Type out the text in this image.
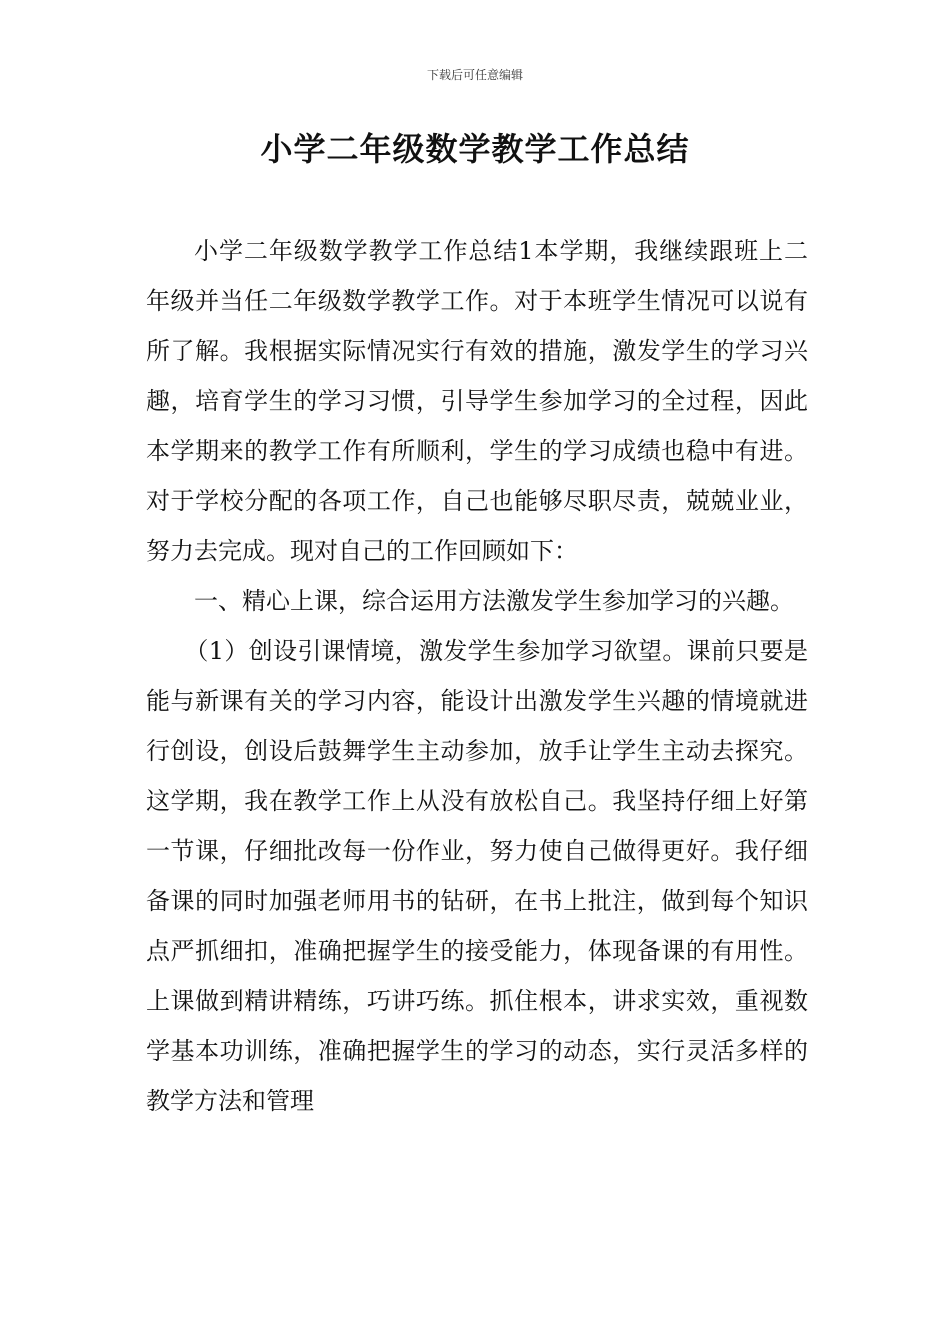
下载后可任意编辑
小学二年级数学教学工作总结

小学二年级数学教学工作总结1本学期，我继续跟班上二年级并当任二年级数学教学工作。对于本班学生情况可以说有所了解。我根据实际情况实行有效的措施，激发学生的学习兴趣，培育学生的学习习惯，引导学生参加学习的全过程，因此本学期来的教学工作有所顺利，学生的学习成绩也稳中有进。对于学校分配的各项工作，自己也能够尽职尽责，兢兢业业，努力去完成。现对自己的工作回顾如下：

一、精心上课，综合运用方法激发学生参加学习的兴趣。

（1）创设引课情境，激发学生参加学习欲望。课前只要是能与新课有关的学习内容，能设计出激发学生兴趣的情境就进行创设，创设后鼓舞学生主动参加，放手让学生主动去探究。这学期，我在教学工作上从没有放松自己。我坚持仔细上好第一节课，仔细批改每一份作业，努力使自己做得更好。我仔细备课的同时加强老师用书的钻研，在书上批注，做到每个知识点严抓细扣，准确把握学生的接受能力，体现备课的有用性。上课做到精讲精练，巧讲巧练。抓住根本，讲求实效，重视数学基本功训练，准确把握学生的学习的动态，实行灵活多样的教学方法和管理
